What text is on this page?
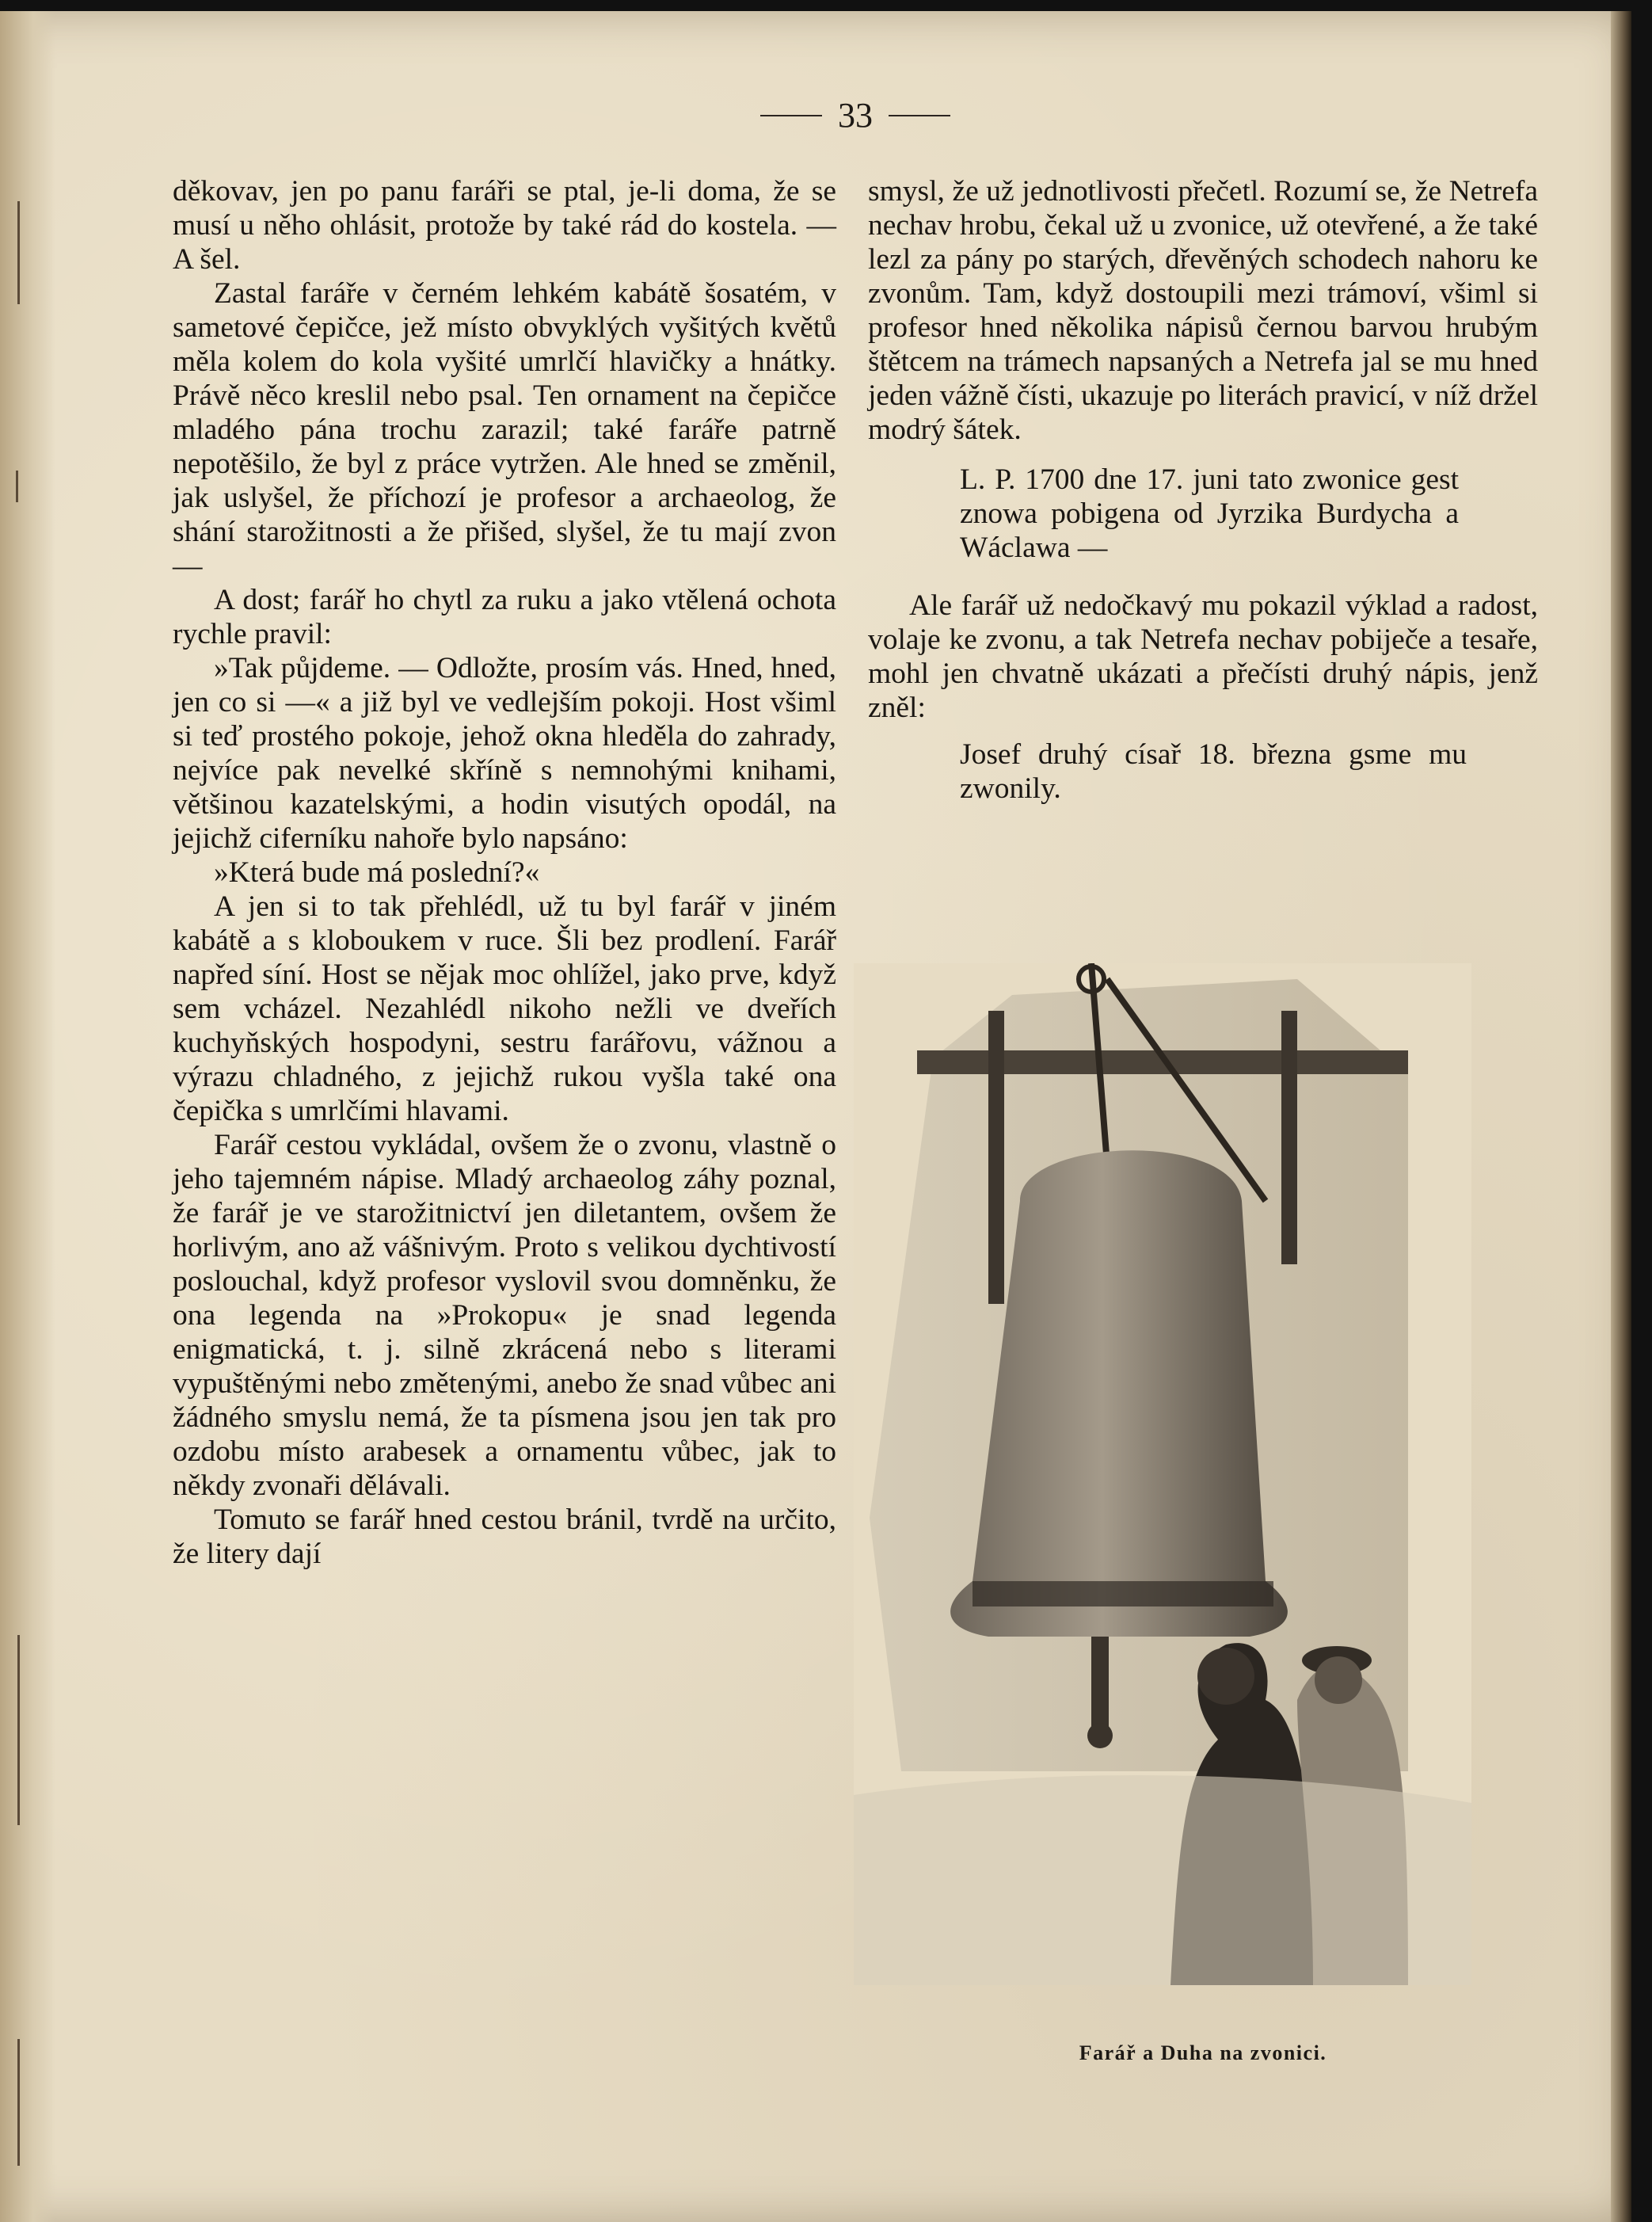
33

děkovav, jen po panu faráři se ptal, je-li doma, že se musí u něho ohlásit, protože by také rád do kostela. — A šel.

Zastal faráře v černém lehkém kabátě šosatém, v sametové čepičce, jež místo obvyklých vyšitých květů měla kolem do kola vyšité umrlčí hlavičky a hnátky. Právě něco kreslil nebo psal. Ten ornament na čepičce mladého pána trochu zarazil; také faráře patrně nepotěšilo, že byl z práce vytržen. Ale hned se změnil, jak uslyšel, že příchozí je profesor a archaeolog, že shání starožitnosti a že přišed, slyšel, že tu mají zvon —

A dost; farář ho chytl za ruku a jako vtělená ochota rychle pravil:

»Tak půjdeme. — Odložte, prosím vás. Hned, hned, jen co si —« a již byl ve vedlejším pokoji. Host všiml si teď prostého pokoje, jehož okna hleděla do zahrady, nejvíce pak nevelké skříně s nemnohými knihami, většinou kazatelskými, a hodin visutých opodál, na jejichž ciferníku nahoře bylo napsáno:

»Která bude má poslední?«

A jen si to tak přehlédl, už tu byl farář v jiném kabátě a s kloboukem v ruce. Šli bez prodlení. Farář napřed síní. Host se nějak moc ohlížel, jako prve, když sem vcházel. Nezahlédl nikoho nežli ve dveřích kuchyňských hospodyni, sestru farářovu, vážnou a výrazu chladného, z jejichž rukou vyšla také ona čepička s umrlčími hlavami.

Farář cestou vykládal, ovšem že o zvonu, vlastně o jeho tajemném nápise. Mladý archaeolog záhy poznal, že farář je ve starožitnictví jen diletantem, ovšem že horlivým, ano až vášnivým. Proto s velikou dychtivostí poslouchal, když profesor vyslovil svou domněnku, že ona legenda na »Prokopu« je snad legenda enigmatická, t. j. silně zkrácená nebo s literami vypuštěnými nebo změtenými, anebo že snad vůbec ani žádného smyslu nemá, že ta písmena jsou jen tak pro ozdobu místo arabesek a ornamentu vůbec, jak to někdy zvonaři dělávali.

Tomuto se farář hned cestou bránil, tvrdě na určito, že litery dají

smysl, že už jednotlivosti přečetl. Rozumí se, že Netrefa nechav hrobu, čekal už u zvonice, už otevřené, a že také lezl za pány po starých, dřevěných schodech nahoru ke zvonům. Tam, když dostoupili mezi trámoví, všiml si profesor hned několika nápisů černou barvou hrubým štětcem na trámech napsaných a Netrefa jal se mu hned jeden vážně čísti, ukazuje po literách pravicí, v níž držel modrý šátek.

L. P. 1700 dne 17. juni tato zwonice gest znowa pobigena od Jyrzika Burdycha a Wáclawa —

Ale farář už nedočkavý mu pokazil výklad a radost, volaje ke zvonu, a tak Netrefa nechav pobiječe a tesaře, mohl jen chvatně ukázati a přečísti druhý nápis, jenž zněl:

Josef druhý císař 18. března gsme mu zwonily.

Farář a Duha na zvonici.
